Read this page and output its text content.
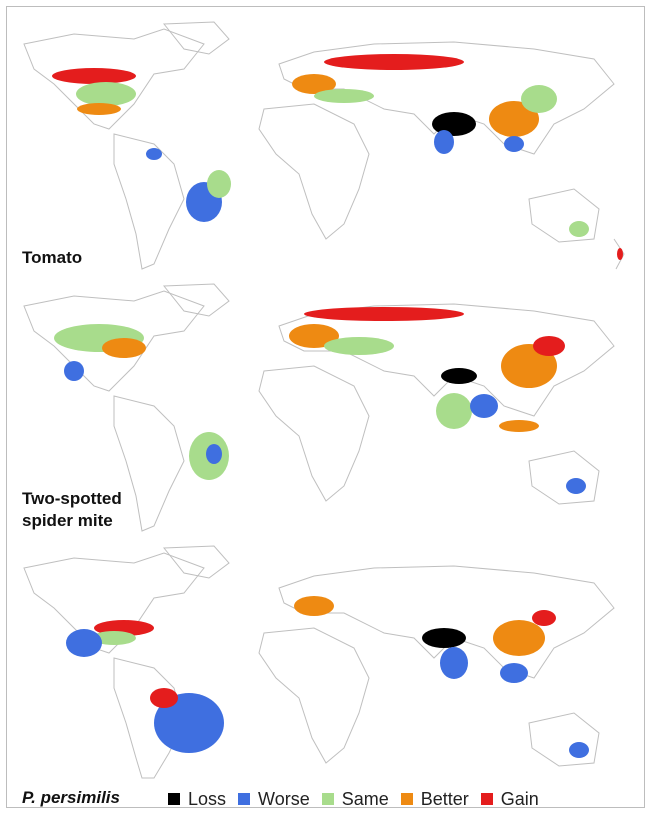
Tomato
Two-spotted
spider mite
P. persimilis	Loss Worse Same Better Gain
